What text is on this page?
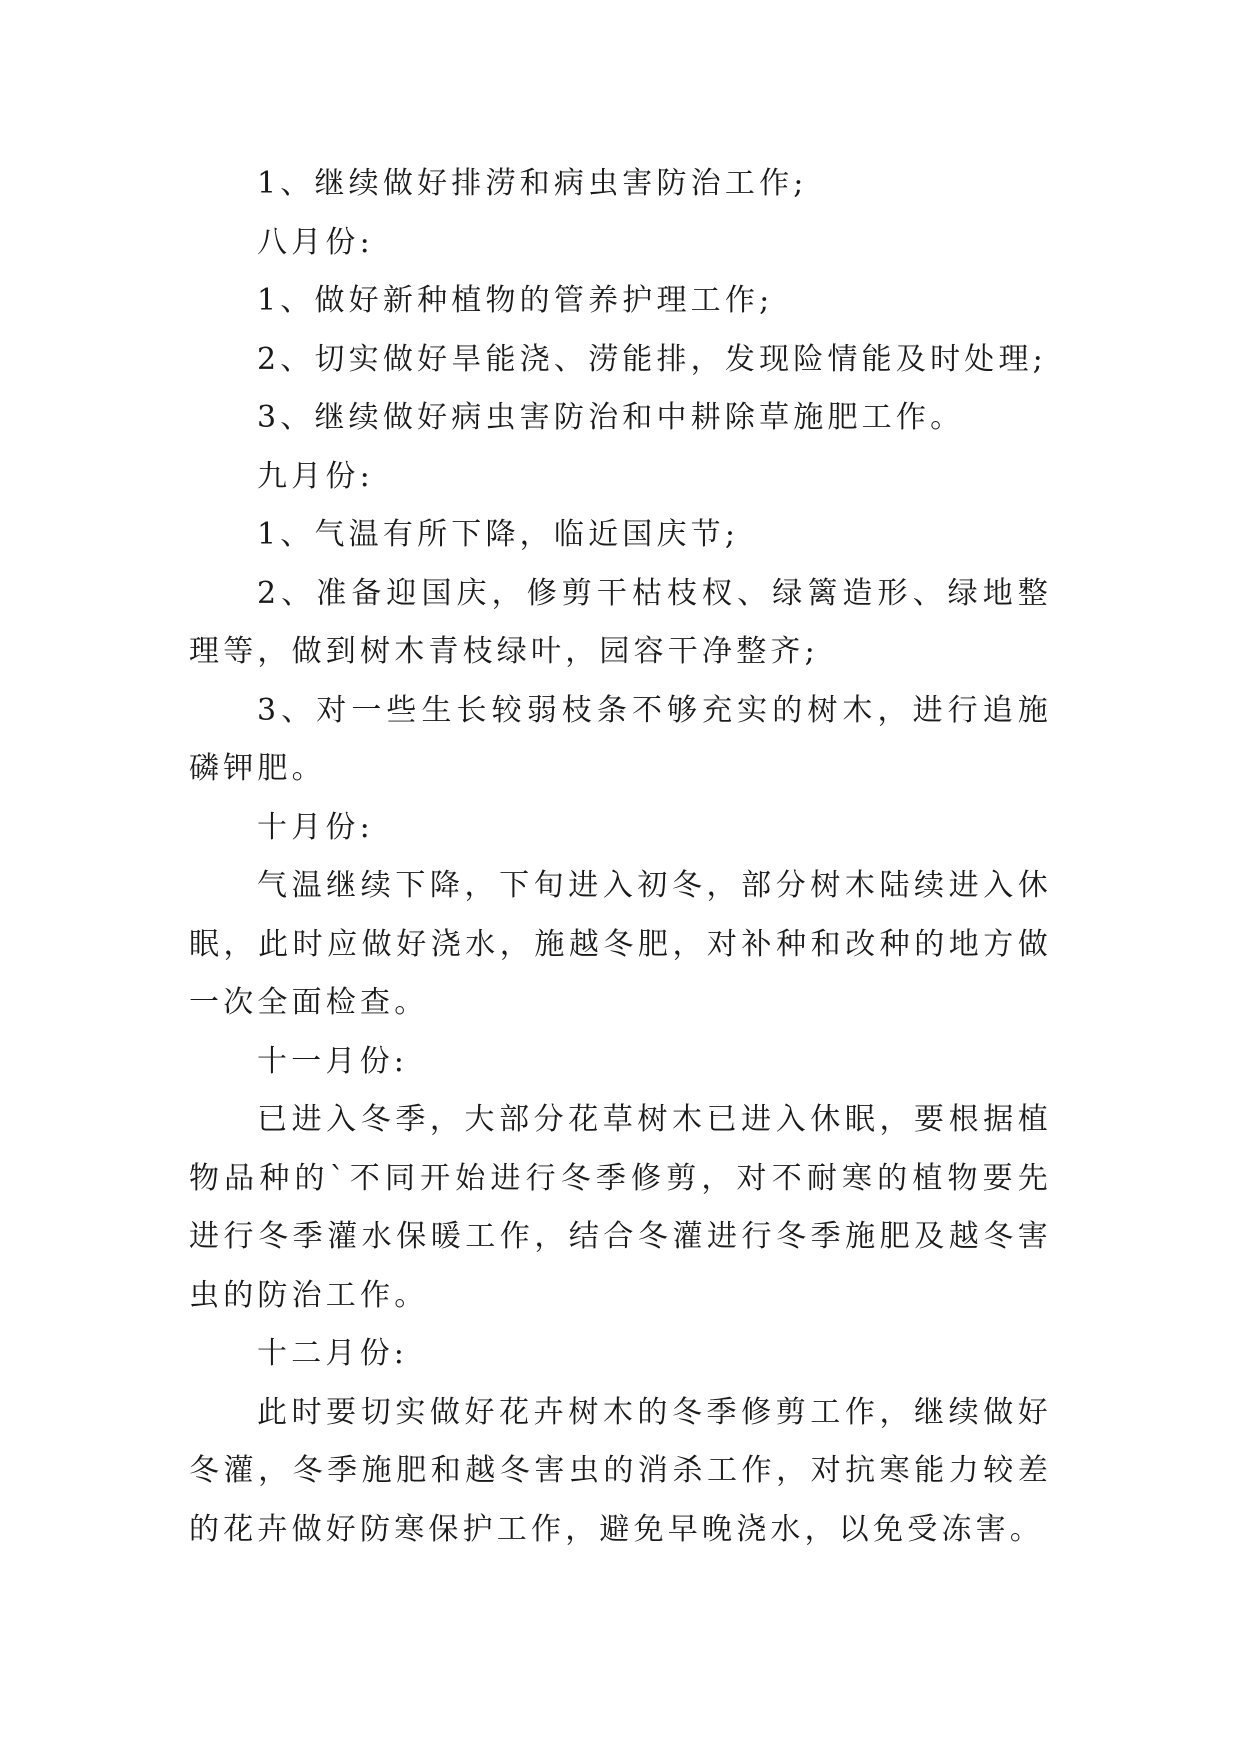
1、继续做好排涝和病虫害防治工作;

八月份:

1、做好新种植物的管养护理工作;

2、切实做好旱能浇、涝能排，发现险情能及时处理;

3、继续做好病虫害防治和中耕除草施肥工作。

九月份:

1、气温有所下降，临近国庆节;

2、准备迎国庆，修剪干枯枝杈、绿篱造形、绿地整理等，做到树木青枝绿叶，园容干净整齐;

3、对一些生长较弱枝条不够充实的树木，进行追施磷钾肥。

十月份:

气温继续下降，下旬进入初冬，部分树木陆续进入休眠，此时应做好浇水，施越冬肥，对补种和改种的地方做一次全面检查。

十一月份:

已进入冬季，大部分花草树木已进入休眠，要根据植物品种的`不同开始进行冬季修剪，对不耐寒的植物要先进行冬季灌水保暖工作，结合冬灌进行冬季施肥及越冬害虫的防治工作。

十二月份:

此时要切实做好花卉树木的冬季修剪工作，继续做好冬灌，冬季施肥和越冬害虫的消杀工作，对抗寒能力较差的花卉做好防寒保护工作，避免早晚浇水，以免受冻害。
